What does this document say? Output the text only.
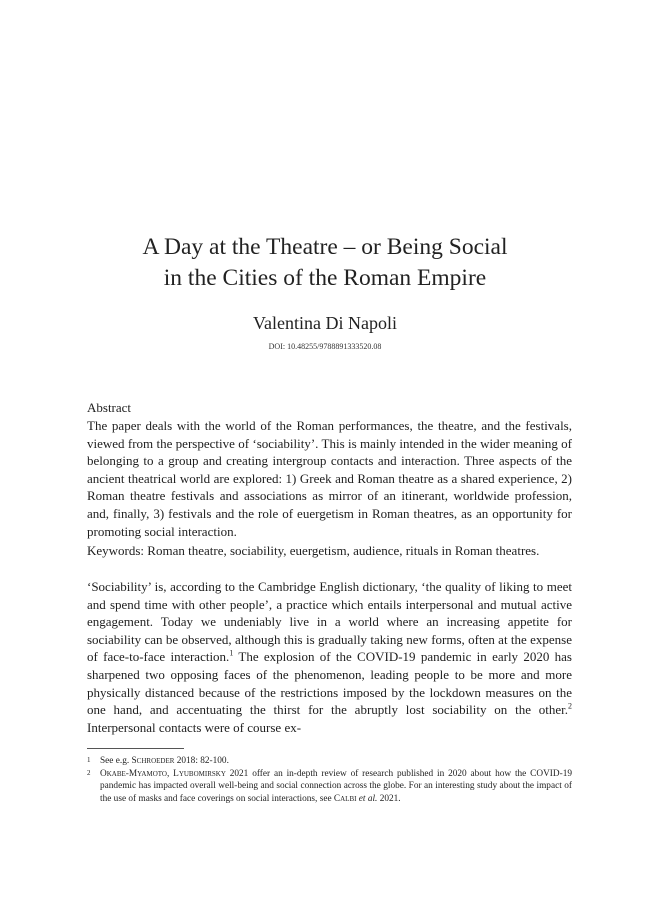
A Day at the Theatre – or Being Social
in the Cities of the Roman Empire
Valentina Di Napoli
DOI: 10.48255/9788891333520.08
Abstract
The paper deals with the world of the Roman performances, the theatre, and the festivals, viewed from the perspective of ‘sociability’. This is mainly intended in the wider meaning of belonging to a group and creating intergroup contacts and interaction. Three aspects of the ancient theatrical world are explored: 1) Greek and Roman theatre as a shared experience, 2) Roman theatre festivals and associations as mirror of an itinerant, worldwide profession, and, finally, 3) festivals and the role of euergetism in Roman theatres, as an opportunity for promoting social interaction.
Keywords: Roman theatre, sociability, euergetism, audience, rituals in Roman theatres.
‘Sociability’ is, according to the Cambridge English dictionary, ‘the quality of liking to meet and spend time with other people’, a practice which entails interpersonal and mutual active engagement. Today we undeniably live in a world where an increasing appetite for sociability can be observed, although this is gradually taking new forms, often at the expense of face-to-face interaction.$^1$ The explosion of the COVID-19 pandemic in early 2020 has sharpened two opposing faces of the phenomenon, leading people to be more and more physically distanced because of the restrictions imposed by the lockdown measures on the one hand, and accentuating the thirst for the abruptly lost sociability on the other.$^2$ Interpersonal contacts were of course ex-
1 See e.g. Schroeder 2018: 82-100.
2 Okabe-Myamoto, Lyubomirsky 2021 offer an in-depth review of research published in 2020 about how the COVID-19 pandemic has impacted overall well-being and social connection across the globe. For an interesting study about the impact of the use of masks and face coverings on social interactions, see Calbi et al. 2021.
